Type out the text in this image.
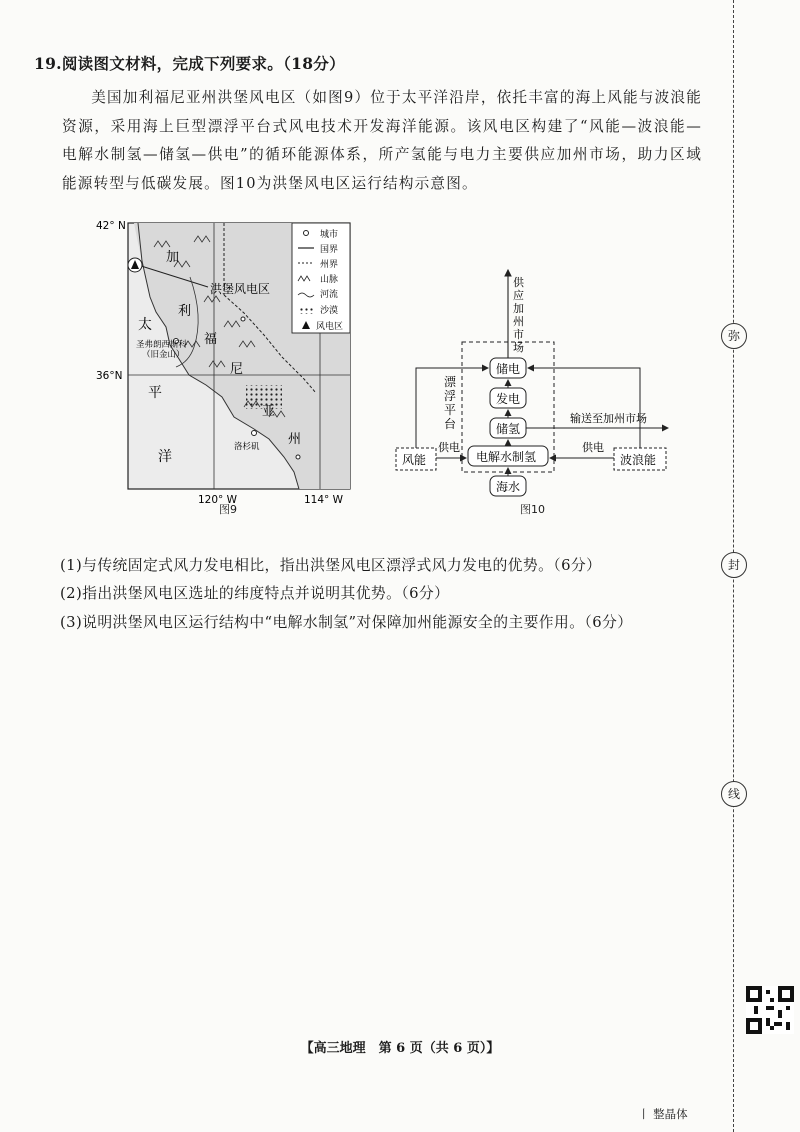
弥
封
线
19.阅读图文材料，完成下列要求。（18分）

美国加利福尼亚州洪堡风电区（如图9）位于太平洋沿岸，依托丰富的海上风能与波浪能资源，采用海上巨型漂浮平台式风电技术开发海洋能源。该风电区构建了“风能—波浪能—电解水制氢—储氢—供电”的循环能源体系，所产氢能与电力主要供应加州市场，助力区域能源转型与低碳发展。图10为洪堡风电区运行结构示意图。

42° N
36°N
120° W	114° W
洪堡风电区
圣弗朗西斯科
（旧金山）
洛杉矶
太
平
洋
加
利
福
尼
亚
州
城市
国界
州界
山脉
河流
沙漠
风电区
图9
供 应 加 州 市 场
储电
发电
储氢
电解水制氢
海水
风能	波浪能
供电	供电
输送至加州市场
漂 浮 平 台
图10
(1)与传统固定式风力发电相比，指出洪堡风电区漂浮式风力发电的优势。（6分）
(2)指出洪堡风电区选址的纬度特点并说明其优势。（6分）
(3)说明洪堡风电区运行结构中“电解水制氢”对保障加州能源安全的主要作用。（6分）
【高三地理　第 6 页（共 6 页）】
丨 整晶体
